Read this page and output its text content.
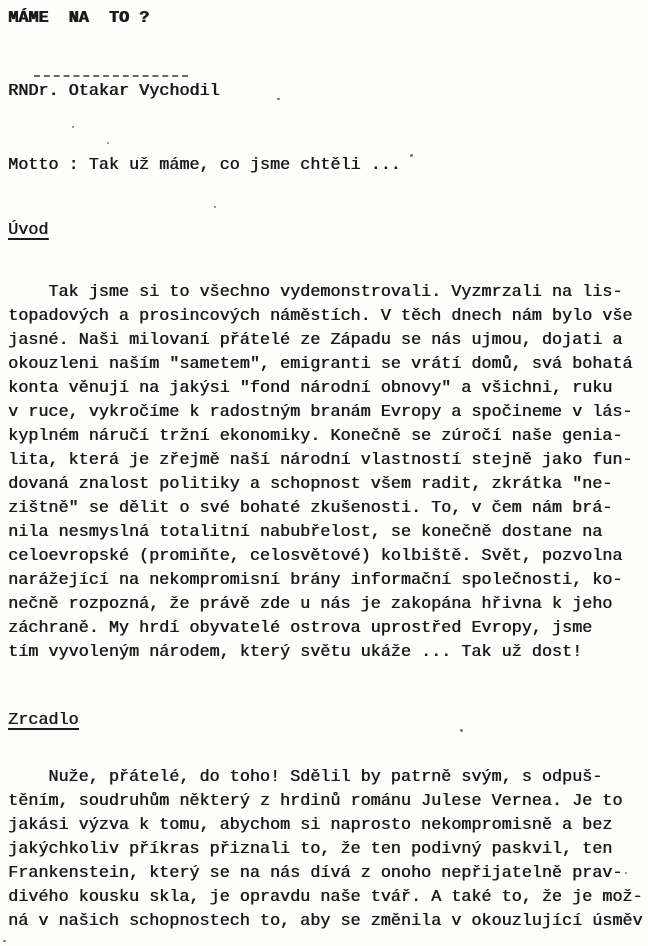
MÁME  NA  TO ?
RNDr. Otakar Vychodil
Motto : Tak už máme, co jsme chtěli ...
Úvod

Tak jsme si to všechno vydemonstrovali. Vyzmrzali na lis-
topadových a prosincových náměstích. V těch dnech nám bylo vše
jasné. Naši milovaní přátelé ze Západu se nás ujmou, dojati a
okouzleni naším "sametem", emigranti se vrátí domů, svá bohatá
konta věnují na jakýsi "fond národní obnovy" a všichni, ruku
v ruce, vykročíme k radostným branám Evropy a spočineme v lás-
kyplném náručí tržní ekonomiky. Konečně se zúročí naše genia-
lita, která je zřejmě naší národní vlastností stejně jako fun-
dovaná znalost politiky a schopnost všem radit, zkrátka "ne-
zištně" se dělit o své bohaté zkušenosti. To, v čem nám brá-
nila nesmyslná totalitní nabubřelost, se konečně dostane na
celoevropské (promiňte, celosvětové) kolbiště. Svět, pozvolna
narážející na nekompromisní brány informační společnosti, ko-
nečně rozpozná, že právě zde u nás je zakopána hřivna k jeho
záchraně. My hrdí obyvatelé ostrova uprostřed Evropy, jsme
tím vyvoleným národem, který světu ukáže ... Tak už dost!

Zrcadlo

Nuže, přátelé, do toho! Sdělil by patrně svým, s odpuš-
těním, soudruhům některý z hrdinů románu Julese Vernea. Je to
jakási výzva k tomu, abychom si naprosto nekompromisně a bez
jakýchkoliv příkras přiznali to, že ten podivný paskvil, ten
Frankenstein, který se na nás dívá z onoho nepřijatelně prav-
divého kousku skla, je opravdu naše tvář. A také to, že je mož-
ná v našich schopnostech to, aby se změnila v okouzlující úsměv
